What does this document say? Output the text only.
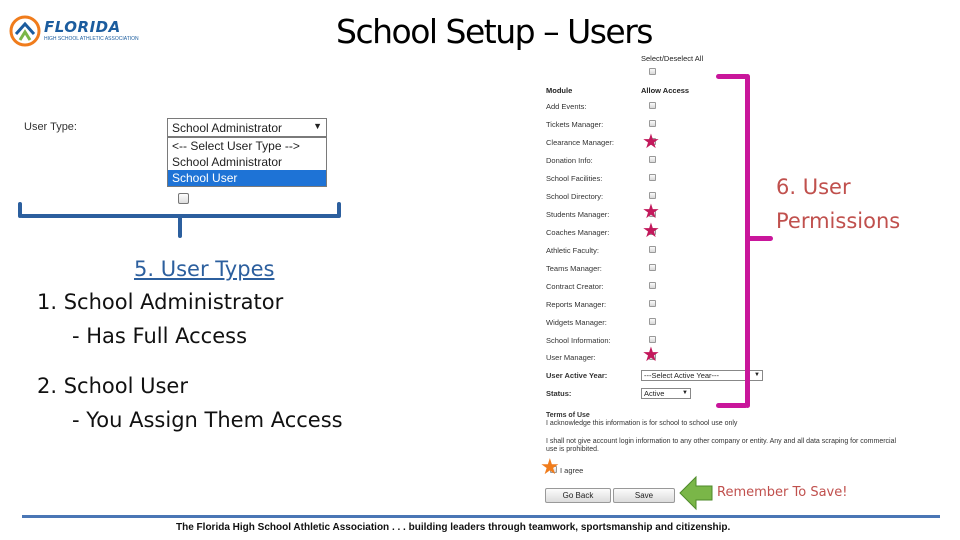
FLORIDA
HIGH SCHOOL ATHLETIC ASSOCIATION	School Setup – Users
User Type:	School Administrator	▼
<-- Select User Type -->
School Administrator
School User
5. User Types
1. School Administrator
- Has Full Access
2. School User
- You Assign Them Access
Select/Deselect All
Module	Allow Access
Add Events:
Tickets Manager:
Clearance Manager:
Donation Info:
School Facilities:
School Directory:
Students Manager:
Coaches Manager:
Athletic Faculty:
Teams Manager:
Contract Creator:
Reports Manager:
Widgets Manager:
School Information:
User Manager:
User Active Year:	---Select Active Year---	▼
Status:	Active	▼
Terms of Use
I acknowledge this information is for school to school use only
I shall not give account login information to any other company or entity. Any and all data scraping for commercial
use is prohibited.
I agree
Go Back	Save
★
★
★
★
★
6. User
Permissions
Remember To Save!
The Florida High School Athletic Association . . . building leaders through teamwork, sportsmanship and citizenship.
